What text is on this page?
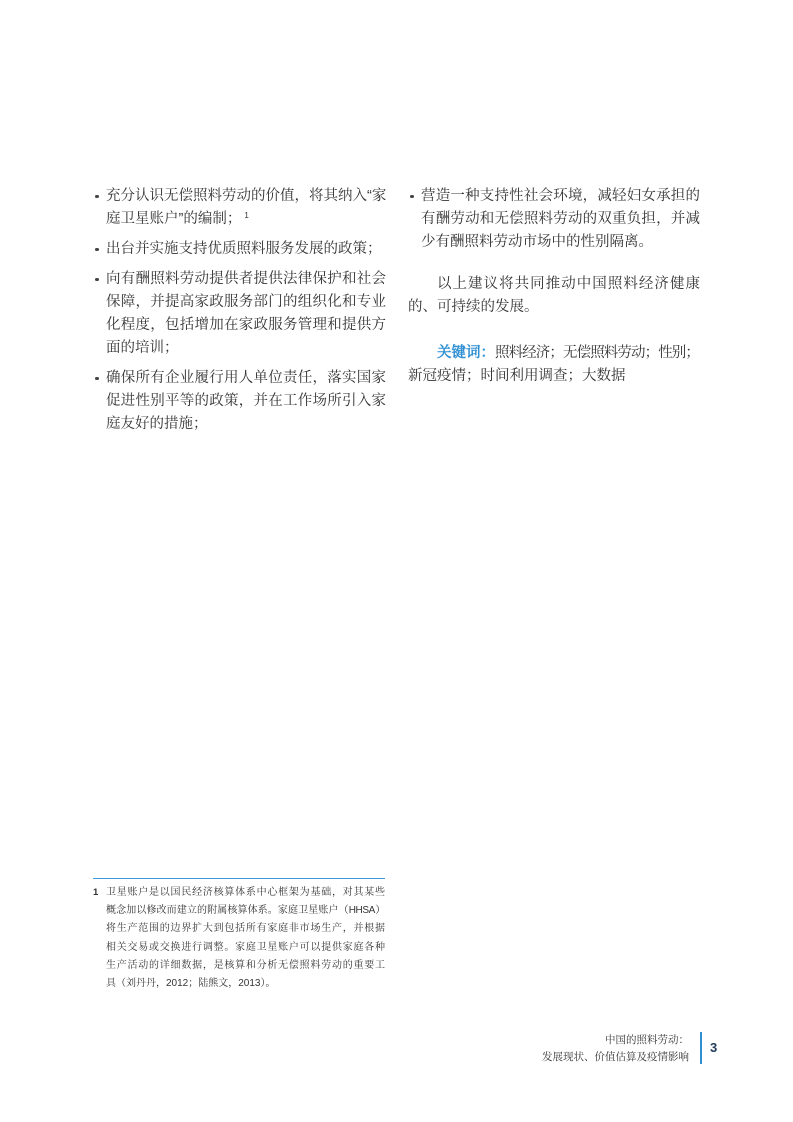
充分认识无偿照料劳动的价值，将其纳入“家
庭卫星账户”的编制； $^1$
出台并实施支持优质照料服务发展的政策；
向有酬照料劳动提供者提供法律保护和社会
保障，并提高家政服务部门的组织化和专业
化程度，包括增加在家政服务管理和提供方
面的培训；
确保所有企业履行用人单位责任，落实国家
促进性别平等的政策，并在工作场所引入家
庭友好的措施；
营造一种支持性社会环境，减轻妇女承担的
有酬劳动和无偿照料劳动的双重负担，并减
少有酬照料劳动市场中的性别隔离。
以上建议将共同推动中国照料经济健康
的、可持续的发展。
关键词：照料经济；无偿照料劳动；性别；
新冠疫情；时间利用调查；大数据
1 卫星账户是以国民经济核算体系中心框架为基础，对其某些
概念加以修改而建立的附属核算体系。家庭卫星账户（HHSA）
将生产范围的边界扩大到包括所有家庭非市场生产，并根据
相关交易或交换进行调整。家庭卫星账户可以提供家庭各种
生产活动的详细数据，是核算和分析无偿照料劳动的重要工
具（刘丹丹，2012；陆熊文，2013）。
中国的照料劳动：
发展现状、价值估算及疫情影响
3
